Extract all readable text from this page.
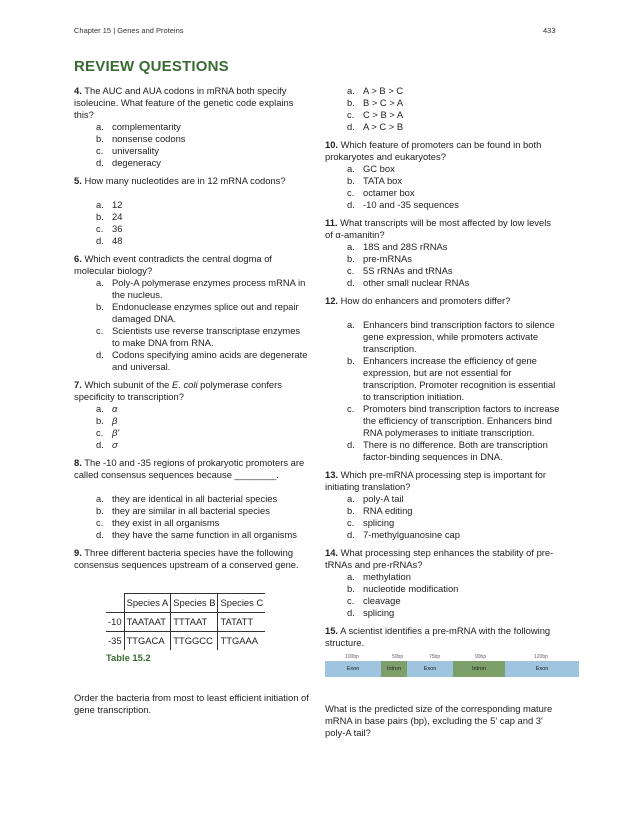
Chapter 15 | Genes and Proteins	433
REVIEW QUESTIONS

4. The AUC and AUA codons in mRNA both specify isoleucine. What feature of the genetic code explains this?

a. complementarity
b. nonsense codons
c. universality
d. degeneracy

5. How many nucleotides are in 12 mRNA codons?

a. 12
b. 24
c. 36
d. 48

6. Which event contradicts the central dogma of molecular biology?

a. Poly-A polymerase enzymes process mRNA in the nucleus.
b. Endonuclease enzymes splice out and repair damaged DNA.
c. Scientists use reverse transcriptase enzymes to make DNA from RNA.
d. Codons specifying amino acids are degenerate and universal.

7. Which subunit of the E. coli polymerase confers specificity to transcription?

a. α
b. β
c. β'
d. σ

8. The -10 and -35 regions of prokaryotic promoters are called consensus sequences because ________.

a. they are identical in all bacterial species
b. they are similar in all bacterial species
c. they exist in all organisms
d. they have the same function in all organisms

9. Three different bacteria species have the following consensus sequences upstream of a conserved gene.

	Species A	Species B	Species C
-10	TAATAAT	TTTAAT	TATATT
-35	TTGACA	TTGGCC	TTGAAA
Table 15.2

Order the bacteria from most to least efficient initiation of gene transcription.

a. A > B > C
b. B > C > A
c. C > B > A
d. A > C > B

10. Which feature of promoters can be found in both prokaryotes and eukaryotes?

a. GC box
b. TATA box
c. octamer box
d. -10 and -35 sequences

11. What transcripts will be most affected by low levels of α-amanitin?

a. 18S and 28S rRNAs
b. pre-mRNAs
c. 5S rRNAs and tRNAs
d. other small nuclear RNAs

12. How do enhancers and promoters differ?

a. Enhancers bind transcription factors to silence gene expression, while promoters activate transcription.
b. Enhancers increase the efficiency of gene expression, but are not essential for transcription. Promoter recognition is essential to transcription initiation.
c. Promoters bind transcription factors to increase the efficiency of transcription. Enhancers bind RNA polymerases to initiate transcription.
d. There is no difference. Both are transcription factor-binding sequences in DNA.

13. Which pre-mRNA processing step is important for initiating translation?

a. poly-A tail
b. RNA editing
c. splicing
d. 7-methylguanosine cap

14. What processing step enhances the stability of pre-tRNAs and pre-rRNAs?

a. methylation
b. nucleotide modification
c. cleavage
d. splicing

15. A scientist identifies a pre-mRNA with the following structure.

100bp	50bp	75bp	90bp	120bp
Exon	Intron	Exon	Intron	Exon

What is the predicted size of the corresponding mature mRNA in base pairs (bp), excluding the 5' cap and 3' poly-A tail?
